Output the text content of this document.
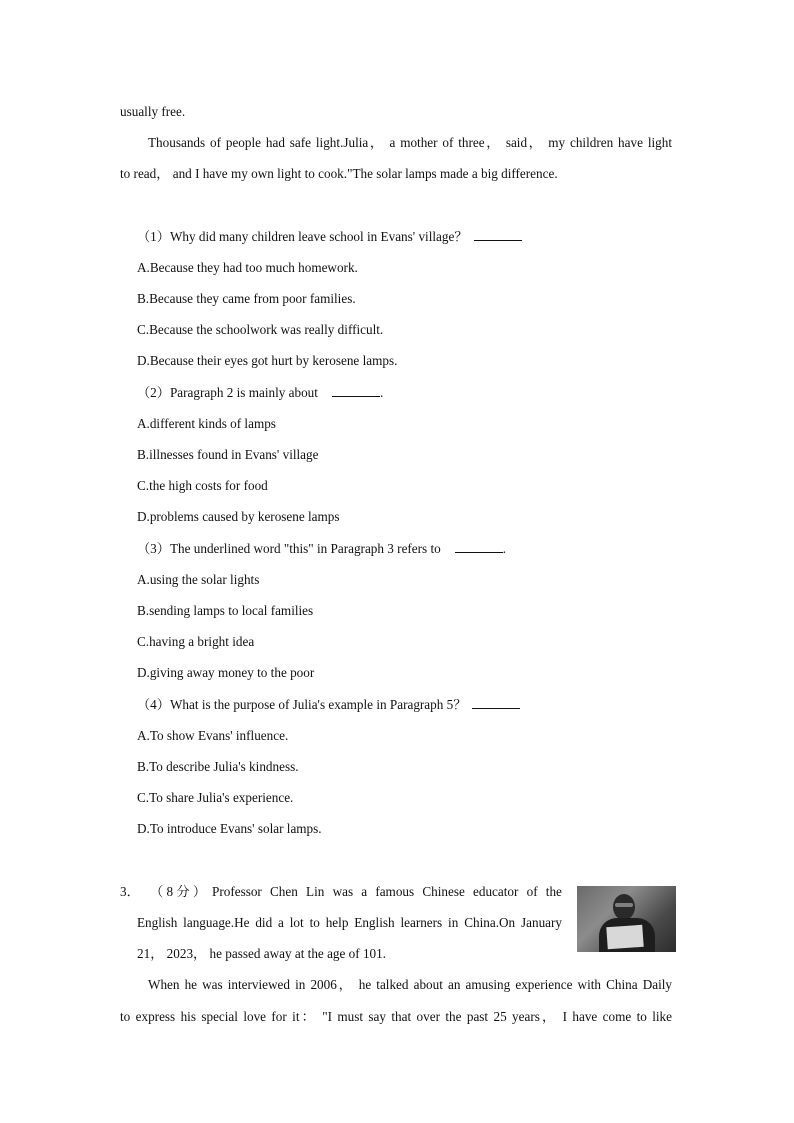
usually free.
Thousands of people had safe light.Julia， a mother of three， said， my children have light
to read， and I have my own light to cook."The solar lamps made a big difference.
（1）Why did many children leave school in Evans' village？
A.Because they had too much homework.
B.Because they came from poor families.
C.Because the schoolwork was really difficult.
D.Because their eyes got hurt by kerosene lamps.
（2）Paragraph 2 is mainly about	.
A.different kinds of lamps
B.illnesses found in Evans' village
C.the high costs for food
D.problems caused by kerosene lamps
（3）The underlined word "this" in Paragraph 3 refers to	.
A.using the solar lights
B.sending lamps to local families
C.having a bright idea
D.giving away money to the poor
（4）What is the purpose of Julia's example in Paragraph 5？
A.To show Evans' influence.
B.To describe Julia's kindness.
C.To share Julia's experience.
D.To introduce Evans' solar lamps.
3． （ 8 分 ） Professor Chen Lin was a famous Chinese educator of the
English language.He did a lot to help English learners in China.On January
21， 2023， he passed away at the age of 101.
When he was interviewed in 2006， he talked about an amusing experience with China Daily
to express his special love for it： "I must say that over the past 25 years， I have come to like
